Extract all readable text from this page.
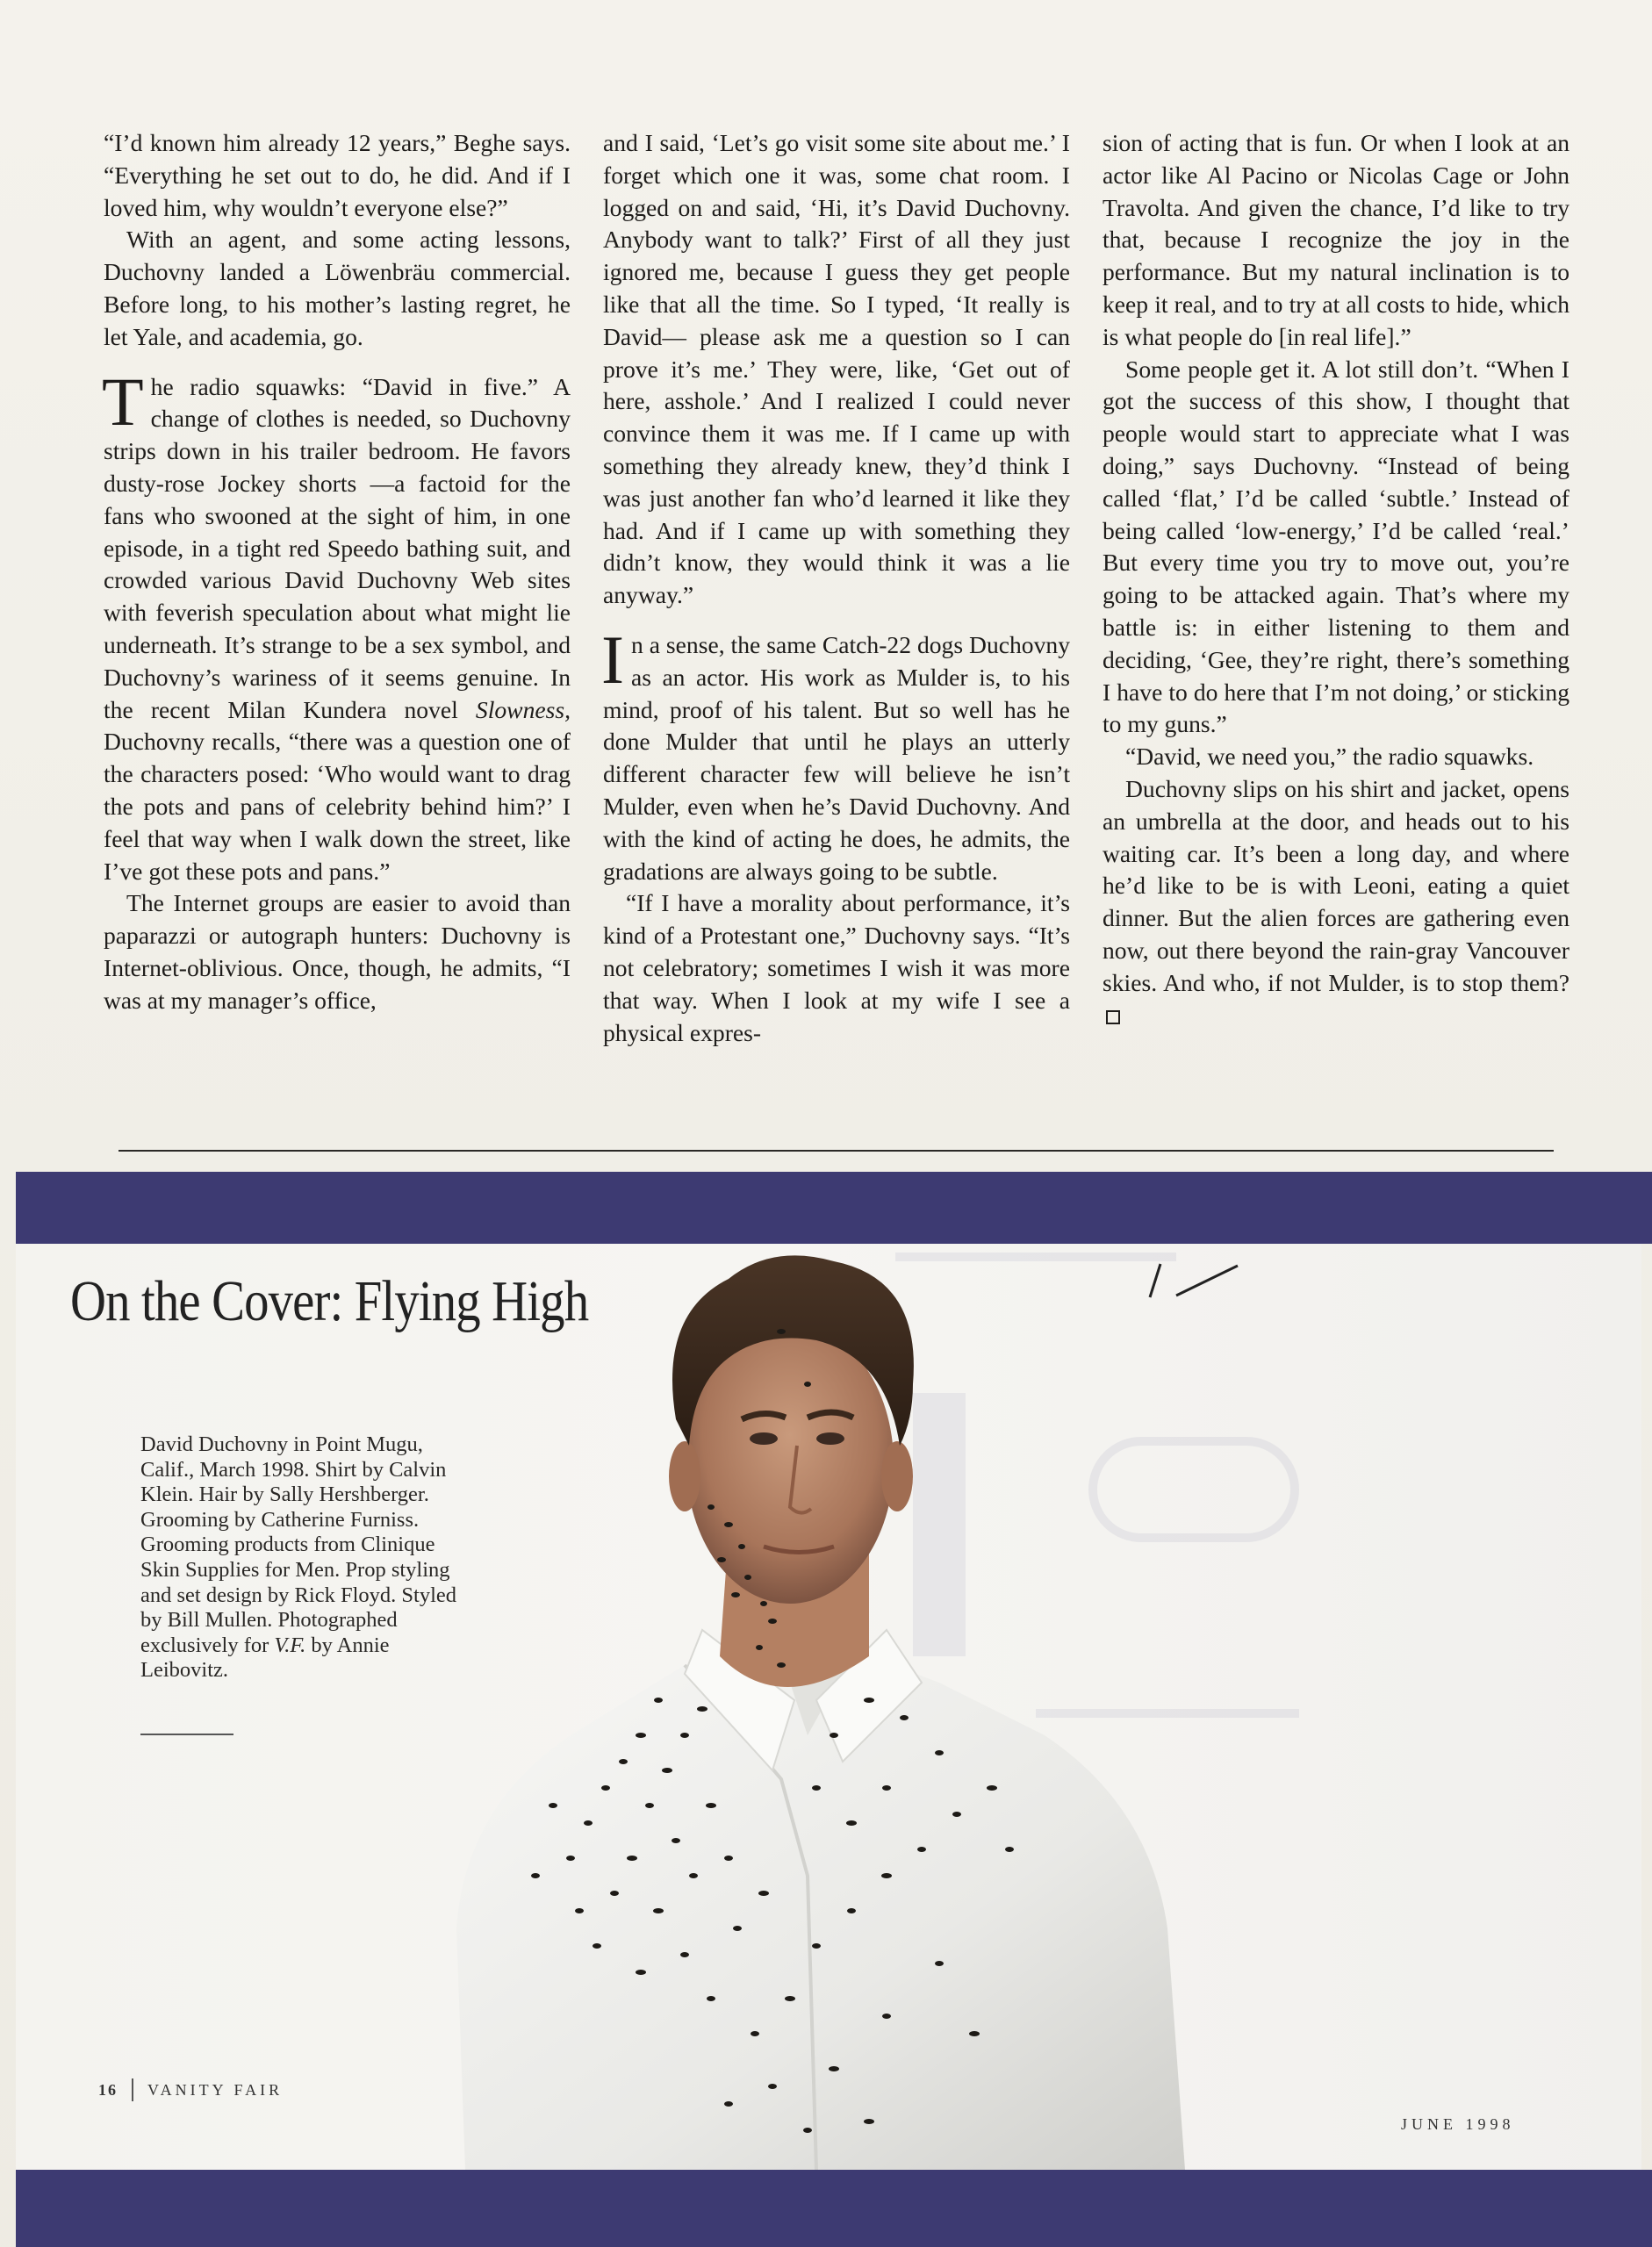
“I’d known him already 12 years,” Beghe says. “Everything he set out to do, he did. And if I loved him, why wouldn’t everyone else?”

With an agent, and some acting lessons, Duchovny landed a Löwenbräu commercial. Before long, to his mother’s lasting regret, he let Yale, and academia, go.

The radio squawks: “David in five.” A change of clothes is needed, so Duchovny strips down in his trailer bedroom. He favors dusty-rose Jockey shorts —a factoid for the fans who swooned at the sight of him, in one episode, in a tight red Speedo bathing suit, and crowded various David Duchovny Web sites with feverish speculation about what might lie underneath. It’s strange to be a sex symbol, and Duchovny’s wariness of it seems genuine. In the recent Milan Kundera novel Slowness, Duchovny recalls, “there was a question one of the characters posed: ‘Who would want to drag the pots and pans of celebrity behind him?’ I feel that way when I walk down the street, like I’ve got these pots and pans.”

The Internet groups are easier to avoid than paparazzi or autograph hunters: Duchovny is Internet-oblivious. Once, though, he admits, “I was at my manager’s office,

and I said, ‘Let’s go visit some site about me.’ I forget which one it was, some chat room. I logged on and said, ‘Hi, it’s David Duchovny. Anybody want to talk?’ First of all they just ignored me, because I guess they get people like that all the time. So I typed, ‘It really is David— please ask me a question so I can prove it’s me.’ They were, like, ‘Get out of here, asshole.’ And I realized I could never convince them it was me. If I came up with something they already knew, they’d think I was just another fan who’d learned it like they had. And if I came up with something they didn’t know, they would think it was a lie anyway.”

In a sense, the same Catch-22 dogs Duchovny as an actor. His work as Mulder is, to his mind, proof of his talent. But so well has he done Mulder that until he plays an utterly different character few will believe he isn’t Mulder, even when he’s David Duchovny. And with the kind of acting he does, he admits, the gradations are always going to be subtle.

“If I have a morality about performance, it’s kind of a Protestant one,” Duchovny says. “It’s not celebratory; sometimes I wish it was more that way. When I look at my wife I see a physical expres-

sion of acting that is fun. Or when I look at an actor like Al Pacino or Nicolas Cage or John Travolta. And given the chance, I’d like to try that, because I recognize the joy in the performance. But my natural inclination is to keep it real, and to try at all costs to hide, which is what people do [in real life].”

Some people get it. A lot still don’t. “When I got the success of this show, I thought that people would start to appreciate what I was doing,” says Duchovny. “Instead of being called ‘flat,’ I’d be called ‘subtle.’ Instead of being called ‘low-energy,’ I’d be called ‘real.’ But every time you try to move out, you’re going to be attacked again. That’s where my battle is: in either listening to them and deciding, ‘Gee, they’re right, there’s something I have to do here that I’m not doing,’ or sticking to my guns.”

“David, we need you,” the radio squawks.

Duchovny slips on his shirt and jacket, opens an umbrella at the door, and heads out to his waiting car. It’s been a long day, and where he’d like to be is with Leoni, eating a quiet dinner. But the alien forces are gathering even now, out there beyond the rain-gray Vancouver skies. And who, if not Mulder, is to stop them?

On the Cover: Flying High
David Duchovny in Point Mugu, Calif., March 1998. Shirt by Calvin Klein. Hair by Sally Hershberger. Grooming by Catherine Furniss. Grooming products from Clinique Skin Supplies for Men. Prop styling and set design by Rick Floyd. Styled by Bill Mullen. Photographed exclusively for V.F. by Annie Leibovitz.
16 VANITY FAIR
JUNE 1998
